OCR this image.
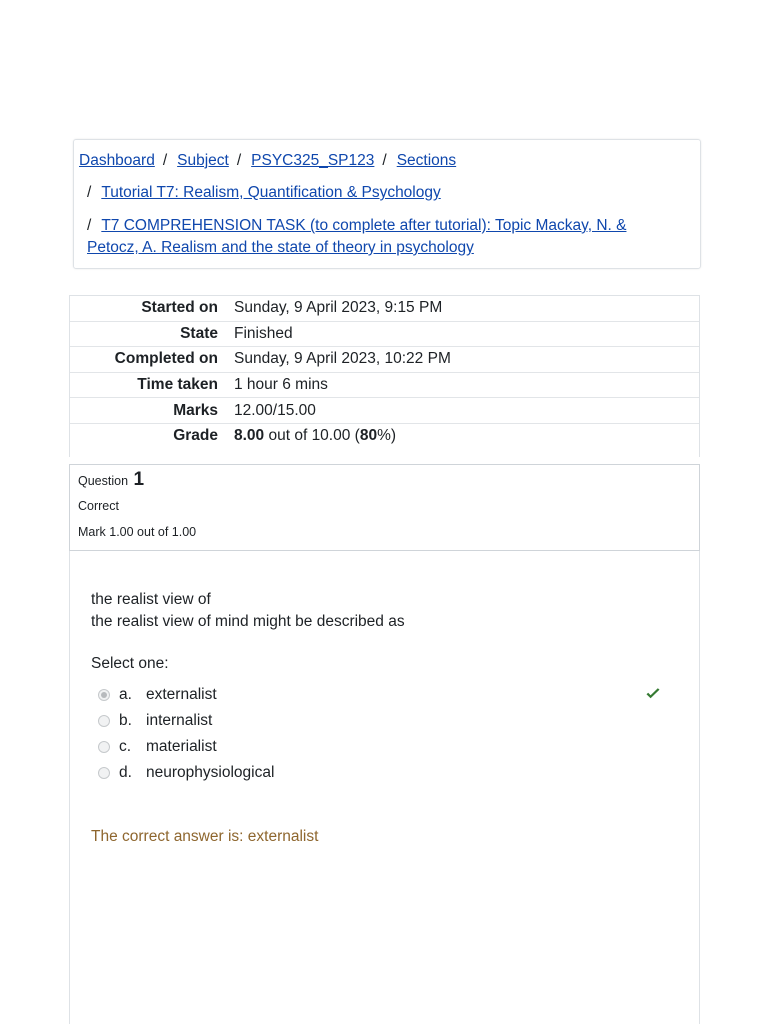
Dashboard / Subject / PSYC325_SP123 / Sections
/ Tutorial T7: Realism, Quantification & Psychology
/ T7 COMPREHENSION TASK (to complete after tutorial): Topic Mackay, N. & Petocz, A. Realism and the state of theory in psychology
Started on	Sunday, 9 April 2023, 9:15 PM
State	Finished
Completed on	Sunday, 9 April 2023, 10:22 PM
Time taken	1 hour 6 mins
Marks	12.00/15.00
Grade	8.00 out of 10.00 (80%)
Question 1
Correct
Mark 1.00 out of 1.00
the realist view of
the realist view of mind might be described as
Select one:
a. externalist
b. internalist
c. materialist
d. neurophysiological
The correct answer is: externalist
